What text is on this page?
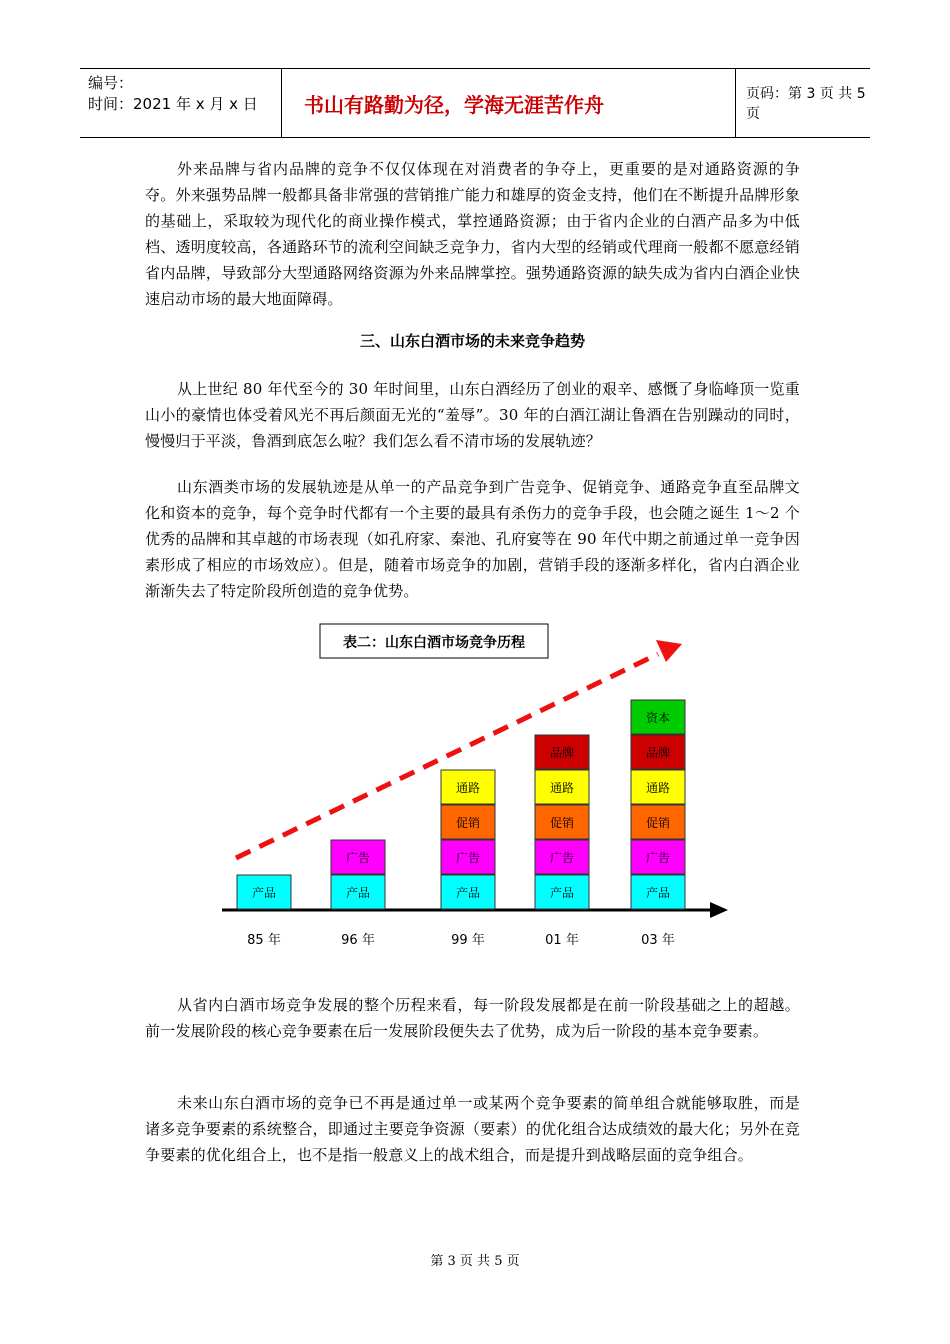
编号：
时间：2021 年 x 月 x 日	书山有路勤为径，学海无涯苦作舟	页码：第 3 页 共 5 页
外来品牌与省内品牌的竞争不仅仅体现在对消费者的争夺上，更重要的是对通路资源的争夺。外来强势品牌一般都具备非常强的营销推广能力和雄厚的资金支持，他们在不断提升品牌形象的基础上，采取较为现代化的商业操作模式，掌控通路资源；由于省内企业的白酒产品多为中低档、透明度较高，各通路环节的流利空间缺乏竞争力，省内大型的经销或代理商一般都不愿意经销省内品牌，导致部分大型通路网络资源为外来品牌掌控。强势通路资源的缺失成为省内白酒企业快速启动市场的最大地面障碍。
三、山东白酒市场的未来竞争趋势
从上世纪 80 年代至今的 30 年时间里，山东白酒经历了创业的艰辛、感慨了身临峰顶一览重山小的豪情也体受着风光不再后颜面无光的“羞辱”。30 年的白酒江湖让鲁酒在告别躁动的同时，慢慢归于平淡，鲁酒到底怎么啦？我们怎么看不清市场的发展轨迹？
山东酒类市场的发展轨迹是从单一的产品竞争到广告竞争、促销竞争、通路竞争直至品牌文化和资本的竞争，每个竞争时代都有一个主要的最具有杀伤力的竞争手段，也会随之诞生 1～2 个优秀的品牌和其卓越的市场表现（如孔府家、秦池、孔府宴等在 90 年代中期之前通过单一竞争因素形成了相应的市场效应）。但是，随着市场竞争的加剧，营销手段的逐渐多样化，省内白酒企业渐渐失去了特定阶段所创造的竞争优势。
表二：山东白酒市场竞争历程
产品
85 年
产品
广告
96 年
产品
广告
促销
通路
99 年
产品
广告
促销
通路
品牌
01 年
产品
广告
促销
通路
品牌
资本
03 年
从省内白酒市场竞争发展的整个历程来看，每一阶段发展都是在前一阶段基础之上的超越。前一发展阶段的核心竞争要素在后一发展阶段便失去了优势，成为后一阶段的基本竞争要素。
未来山东白酒市场的竞争已不再是通过单一或某两个竞争要素的简单组合就能够取胜，而是诸多竞争要素的系统整合，即通过主要竞争资源（要素）的优化组合达成绩效的最大化；另外在竞争要素的优化组合上，也不是指一般意义上的战术组合，而是提升到战略层面的竞争组合。
第 3 页 共 5 页
